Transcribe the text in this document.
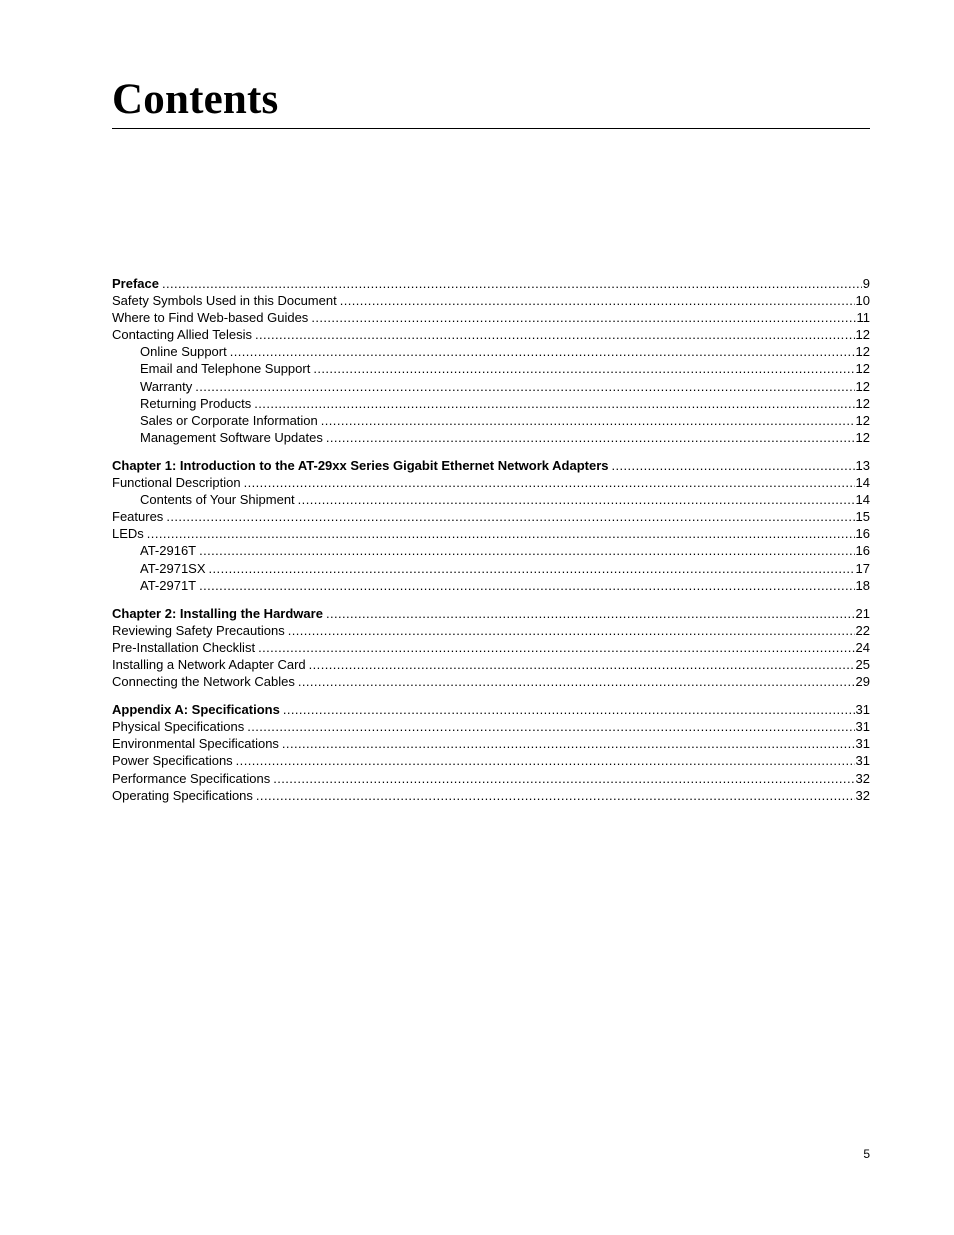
Contents
Preface .....	9
Safety Symbols Used in this Document .....	10
Where to Find Web-based Guides .....	11
Contacting Allied Telesis .....	12
Online Support .....	12
Email and Telephone Support .....	12
Warranty .....	12
Returning Products .....	12
Sales or Corporate Information .....	12
Management Software Updates .....	12
Chapter 1: Introduction to the AT-29xx Series Gigabit Ethernet Network Adapters .....	13
Functional Description .....	14
Contents of Your Shipment .....	14
Features .....	15
LEDs .....	16
AT-2916T .....	16
AT-2971SX .....	17
AT-2971T .....	18
Chapter 2: Installing the Hardware .....	21
Reviewing Safety Precautions .....	22
Pre-Installation Checklist .....	24
Installing a Network Adapter Card .....	25
Connecting the Network Cables .....	29
Appendix A: Specifications .....	31
Physical Specifications .....	31
Environmental Specifications .....	31
Power Specifications .....	31
Performance Specifications .....	32
Operating Specifications .....	32
5
